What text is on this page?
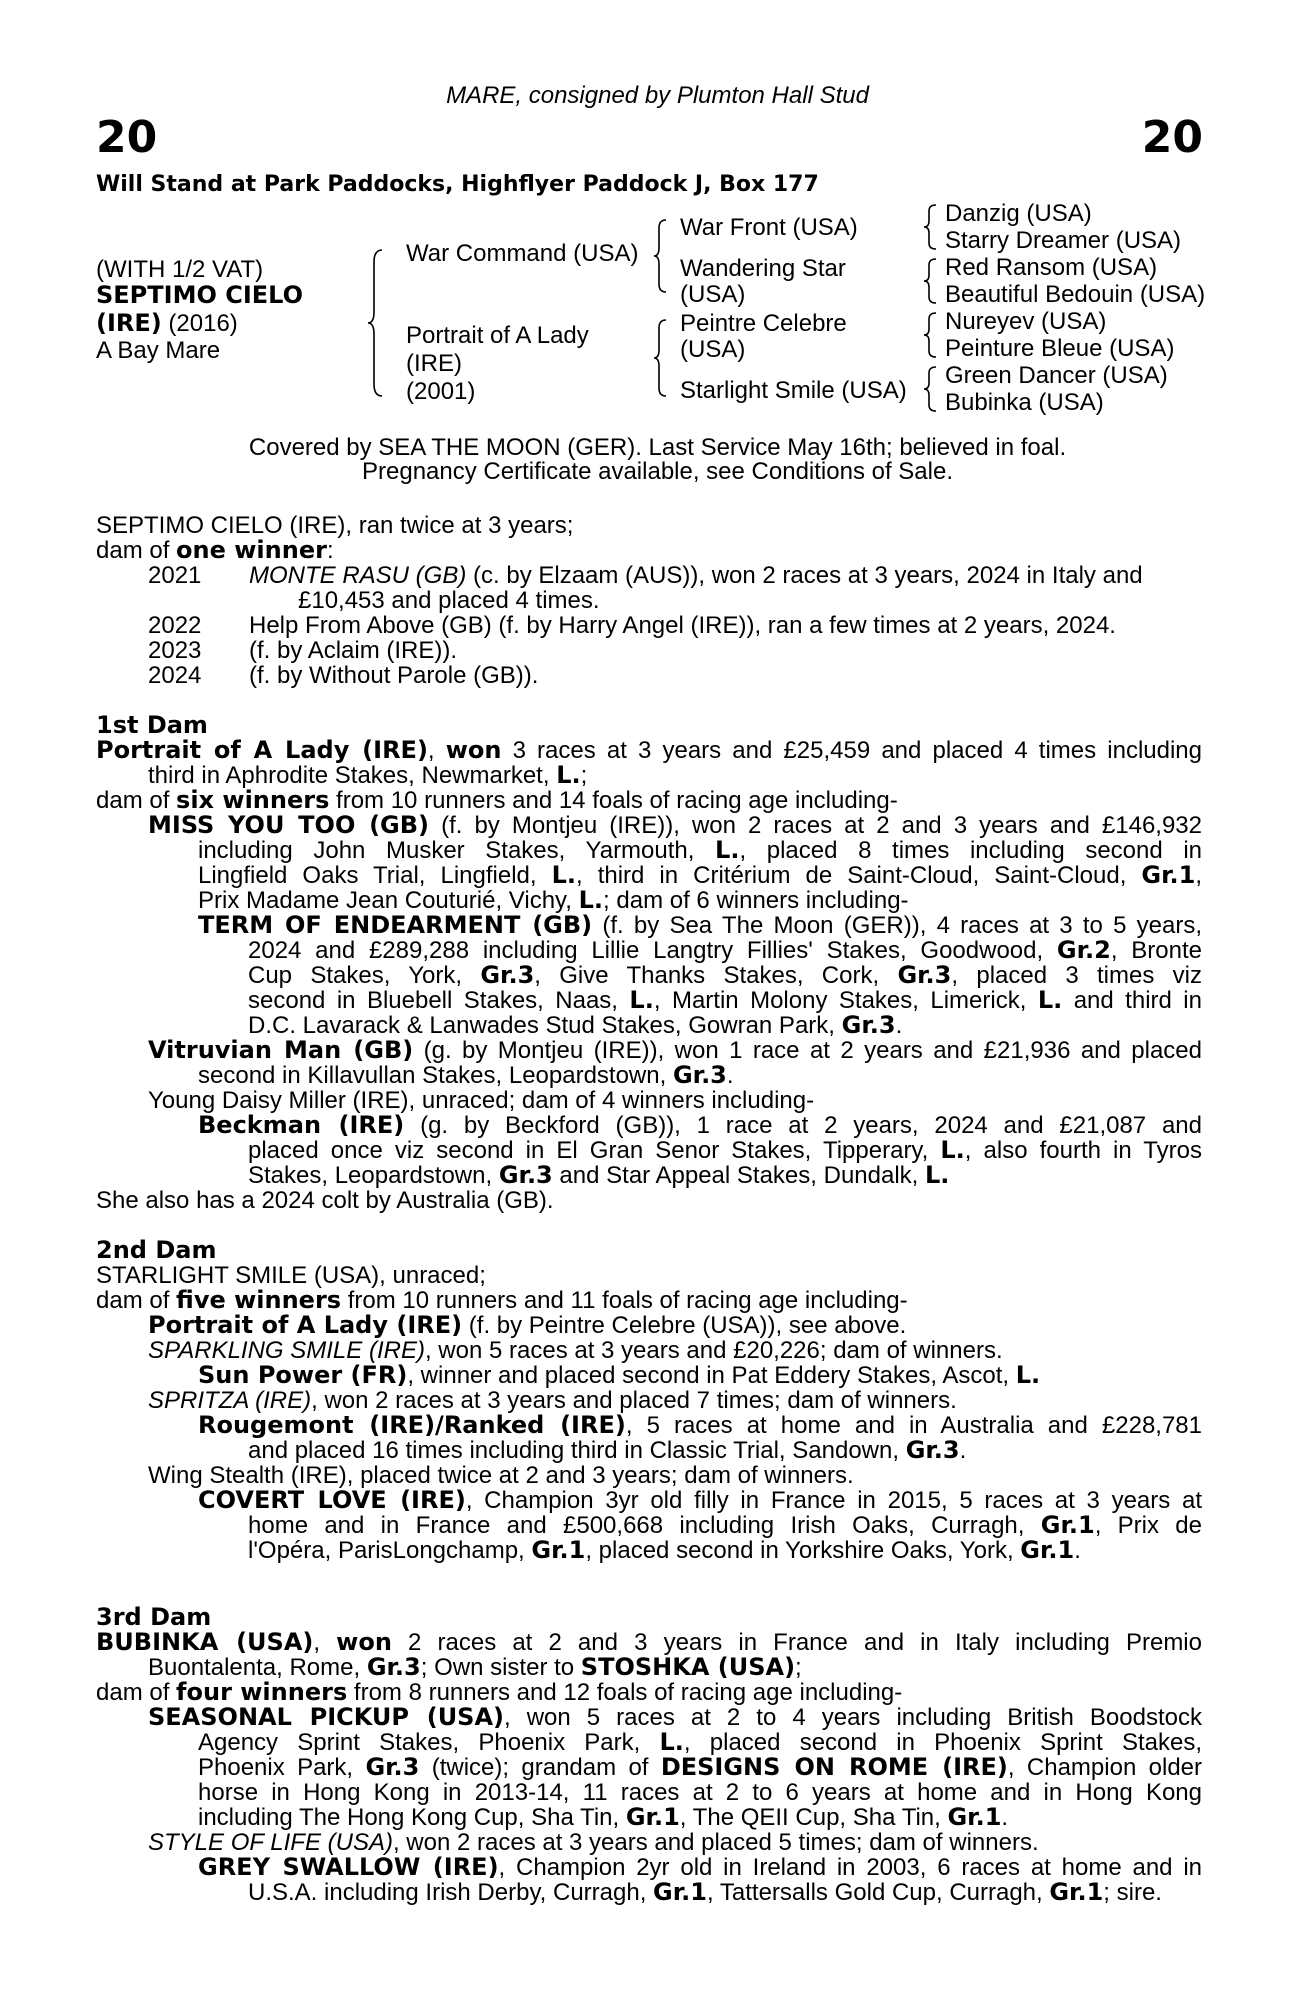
MARE, consigned by Plumton Hall Stud
20	20
Will Stand at Park Paddocks, Highflyer Paddock J, Box 177
(WITH 1/2 VAT)
SEPTIMO CIELO
(IRE) (2016)
A Bay Mare
War Command (USA)
Portrait of A Lady
(IRE)
(2001)
War Front (USA)
Wandering Star
(USA)
Peintre Celebre
(USA)
Starlight Smile (USA)
Danzig (USA)
Starry Dreamer (USA)
Red Ransom (USA)
Beautiful Bedouin (USA)
Nureyev (USA)
Peinture Bleue (USA)
Green Dancer (USA)
Bubinka (USA)
Covered by SEA THE MOON (GER). Last Service May 16th; believed in foal.
Pregnancy Certificate available, see Conditions of Sale.
SEPTIMO CIELO (IRE), ran twice at 3 years;
dam of one winner:
2021 MONTE RASU (GB) (c. by Elzaam (AUS)), won 2 races at 3 years, 2024 in Italy and
£10,453 and placed 4 times.
2022 Help From Above (GB) (f. by Harry Angel (IRE)), ran a few times at 2 years, 2024.
2023 (f. by Aclaim (IRE)).
2024 (f. by Without Parole (GB)).
1st Dam
Portrait of A Lady (IRE), won 3 races at 3 years and £25,459 and placed 4 times including
third in Aphrodite Stakes, Newmarket, L.;
dam of six winners from 10 runners and 14 foals of racing age including-
MISS YOU TOO (GB) (f. by Montjeu (IRE)), won 2 races at 2 and 3 years and £146,932
including John Musker Stakes, Yarmouth, L., placed 8 times including second in
Lingfield Oaks Trial, Lingfield, L., third in Critérium de Saint-Cloud, Saint-Cloud, Gr.1,
Prix Madame Jean Couturié, Vichy, L.; dam of 6 winners including-
TERM OF ENDEARMENT (GB) (f. by Sea The Moon (GER)), 4 races at 3 to 5 years,
2024 and £289,288 including Lillie Langtry Fillies' Stakes, Goodwood, Gr.2, Bronte
Cup Stakes, York, Gr.3, Give Thanks Stakes, Cork, Gr.3, placed 3 times viz
second in Bluebell Stakes, Naas, L., Martin Molony Stakes, Limerick, L. and third in
D.C. Lavarack & Lanwades Stud Stakes, Gowran Park, Gr.3.
Vitruvian Man (GB) (g. by Montjeu (IRE)), won 1 race at 2 years and £21,936 and placed
second in Killavullan Stakes, Leopardstown, Gr.3.
Young Daisy Miller (IRE), unraced; dam of 4 winners including-
Beckman (IRE) (g. by Beckford (GB)), 1 race at 2 years, 2024 and £21,087 and
placed once viz second in El Gran Senor Stakes, Tipperary, L., also fourth in Tyros
Stakes, Leopardstown, Gr.3 and Star Appeal Stakes, Dundalk, L.
She also has a 2024 colt by Australia (GB).
2nd Dam
STARLIGHT SMILE (USA), unraced;
dam of five winners from 10 runners and 11 foals of racing age including-
Portrait of A Lady (IRE) (f. by Peintre Celebre (USA)), see above.
SPARKLING SMILE (IRE), won 5 races at 3 years and £20,226; dam of winners.
Sun Power (FR), winner and placed second in Pat Eddery Stakes, Ascot, L.
SPRITZA (IRE), won 2 races at 3 years and placed 7 times; dam of winners.
Rougemont (IRE)/Ranked (IRE), 5 races at home and in Australia and £228,781
and placed 16 times including third in Classic Trial, Sandown, Gr.3.
Wing Stealth (IRE), placed twice at 2 and 3 years; dam of winners.
COVERT LOVE (IRE), Champion 3yr old filly in France in 2015, 5 races at 3 years at
home and in France and £500,668 including Irish Oaks, Curragh, Gr.1, Prix de
l'Opéra, ParisLongchamp, Gr.1, placed second in Yorkshire Oaks, York, Gr.1.
3rd Dam
BUBINKA (USA), won 2 races at 2 and 3 years in France and in Italy including Premio
Buontalenta, Rome, Gr.3; Own sister to STOSHKA (USA);
dam of four winners from 8 runners and 12 foals of racing age including-
SEASONAL PICKUP (USA), won 5 races at 2 to 4 years including British Boodstock
Agency Sprint Stakes, Phoenix Park, L., placed second in Phoenix Sprint Stakes,
Phoenix Park, Gr.3 (twice); grandam of DESIGNS ON ROME (IRE), Champion older
horse in Hong Kong in 2013-14, 11 races at 2 to 6 years at home and in Hong Kong
including The Hong Kong Cup, Sha Tin, Gr.1, The QEII Cup, Sha Tin, Gr.1.
STYLE OF LIFE (USA), won 2 races at 3 years and placed 5 times; dam of winners.
GREY SWALLOW (IRE), Champion 2yr old in Ireland in 2003, 6 races at home and in
U.S.A. including Irish Derby, Curragh, Gr.1, Tattersalls Gold Cup, Curragh, Gr.1; sire.
